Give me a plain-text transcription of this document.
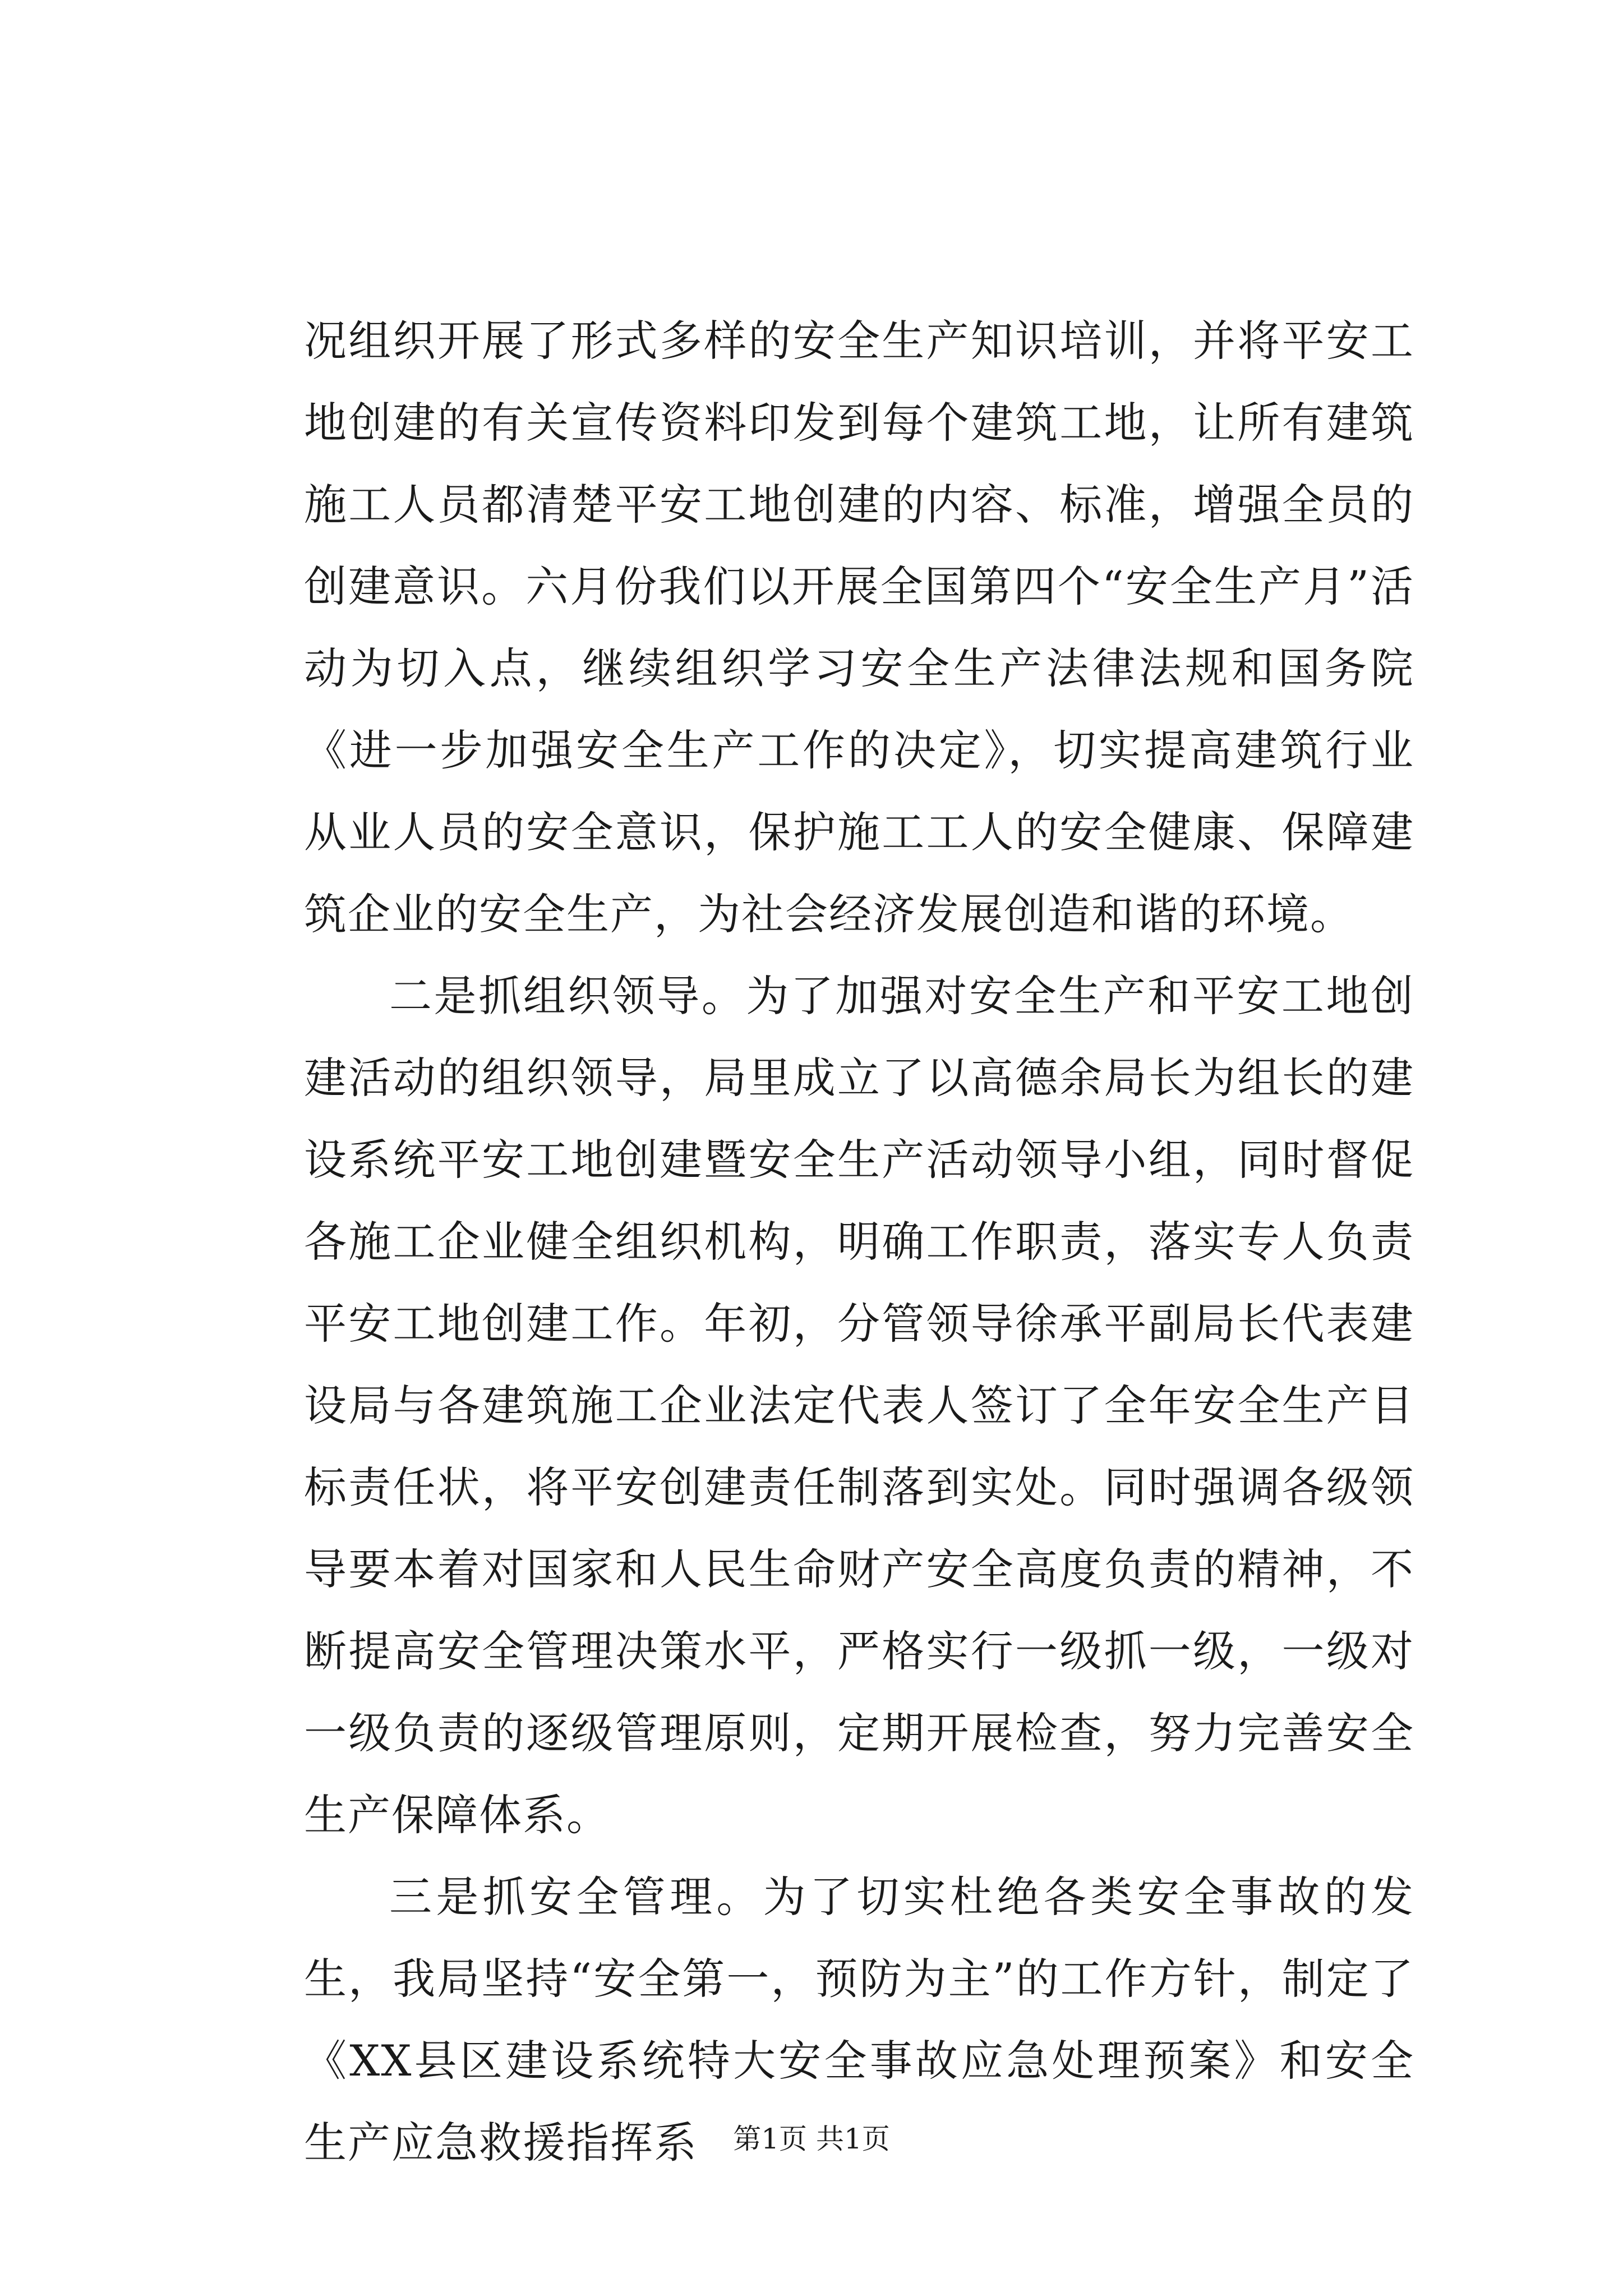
况组织开展了形式多样的安全生产知识培训，并将平安工地创建的有关宣传资料印发到每个建筑工地，让所有建筑施工人员都清楚平安工地创建的内容、标准，增强全员的创建意识。六月份我们以开展全国第四个“安全生产月”活动为切入点，继续组织学习安全生产法律法规和国务院《进一步加强安全生产工作的决定》，切实提高建筑行业从业人员的安全意识，保护施工工人的安全健康、保障建筑企业的安全生产，为社会经济发展创造和谐的环境。

二是抓组织领导。为了加强对安全生产和平安工地创建活动的组织领导，局里成立了以高德余局长为组长的建设系统平安工地创建暨安全生产活动领导小组，同时督促各施工企业健全组织机构，明确工作职责，落实专人负责平安工地创建工作。年初，分管领导徐承平副局长代表建设局与各建筑施工企业法定代表人签订了全年安全生产目标责任状，将平安创建责任制落到实处。同时强调各级领导要本着对国家和人民生命财产安全高度负责的精神，不断提高安全管理决策水平，严格实行一级抓一级，一级对一级负责的逐级管理原则，定期开展检查，努力完善安全生产保障体系。

三是抓安全管理。为了切实杜绝各类安全事故的发生，我局坚持“安全第一，预防为主”的工作方针，制定了《XX县区建设系统特大安全事故应急处理预案》和安全生产应急救援指挥系	第1页 共1页
